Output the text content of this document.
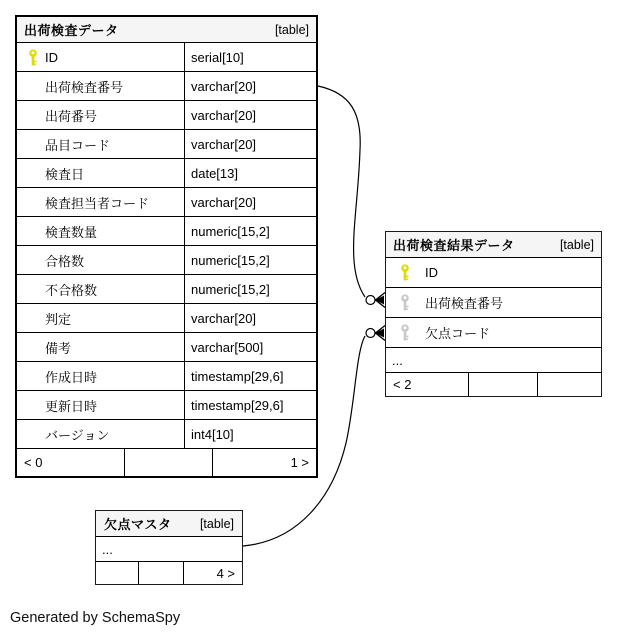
出荷検査データ	[table]
ID	serial[10]
出荷検査番号	varchar[20]
出荷番号	varchar[20]
品目コード	varchar[20]
検査日	date[13]
検査担当者コード	varchar[20]
検査数量	numeric[15,2]
合格数	numeric[15,2]
不合格数	numeric[15,2]
判定	varchar[20]
備考	varchar[500]
作成日時	timestamp[29,6]
更新日時	timestamp[29,6]
バージョン	int4[10]
< 0	1 >
出荷検査結果データ	[table]
ID
出荷検査番号
欠点コード
...
< 2
欠点マスタ [table]
...
4 >
Generated by SchemaSpy
